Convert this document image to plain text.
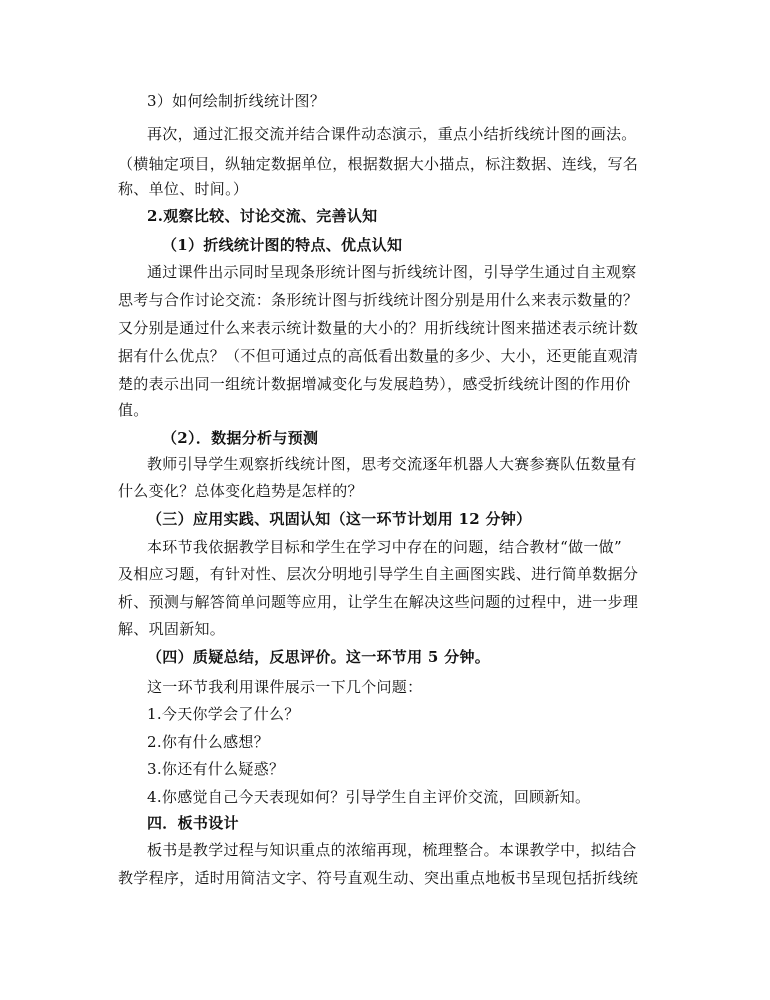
3）如何绘制折线统计图？
再次，通过汇报交流并结合课件动态演示，重点小结折线统计图的画法。
（横轴定项目，纵轴定数据单位，根据数据大小描点，标注数据、连线，写名
称、单位、时间。）
2.观察比较、讨论交流、完善认知
（1）折线统计图的特点、优点认知
通过课件出示同时呈现条形统计图与折线统计图，引导学生通过自主观察
思考与合作讨论交流：条形统计图与折线统计图分别是用什么来表示数量的？
又分别是通过什么来表示统计数量的大小的？用折线统计图来描述表示统计数
据有什么优点？（不但可通过点的高低看出数量的多少、大小，还更能直观清
楚的表示出同一组统计数据增减变化与发展趋势），感受折线统计图的作用价
值。
（2）．数据分析与预测
教师引导学生观察折线统计图，思考交流逐年机器人大赛参赛队伍数量有
什么变化？总体变化趋势是怎样的？
（三）应用实践、巩固认知（这一环节计划用 12 分钟）
本环节我依据教学目标和学生在学习中存在的问题，结合教材“做一做”
及相应习题，有针对性、层次分明地引导学生自主画图实践、进行简单数据分
析、预测与解答简单问题等应用，让学生在解决这些问题的过程中，进一步理
解、巩固新知。
（四）质疑总结，反思评价。这一环节用 5 分钟。
这一环节我利用课件展示一下几个问题：
1.今天你学会了什么？
2.你有什么感想？
3.你还有什么疑惑？
4.你感觉自己今天表现如何？引导学生自主评价交流，回顾新知。
四．板书设计
板书是教学过程与知识重点的浓缩再现，梳理整合。本课教学中，拟结合
教学程序，适时用简洁文字、符号直观生动、突出重点地板书呈现包括折线统
